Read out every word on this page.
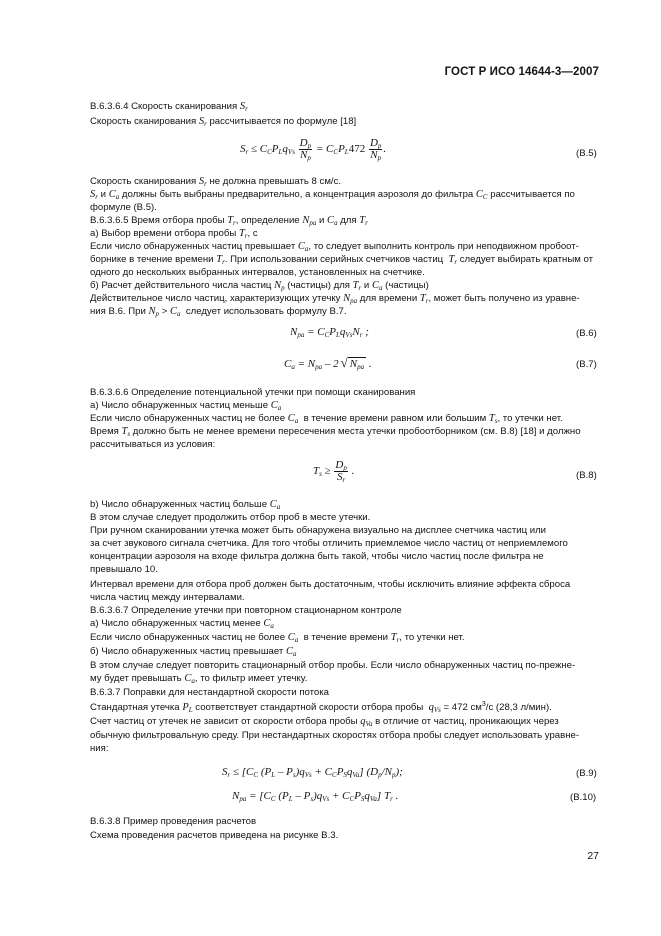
ГОСТ Р ИСО 14644-3—2007
В.6.3.6.4 Скорость сканирования $S_r$
Скорость сканирования $S_r$ рассчитывается по формуле [18]
$S_r \le C_CP_Lq_{Vs} \frac{D_p}{N_p} = C_CP_L472 \frac{D_p}{N_p}$ .	(В.5)
Скорость сканирования $S_r$ не должна превышать 8 см/с.
$S_r$ и $C_a$ должны быть выбраны предварительно, а концентрация аэрозоля до фильтра $C_C$ рассчитывается по
формуле (В.5).
В.6.3.6.5 Время отбора пробы $T_r$, определение $N_{pa}$ и $C_a$ для $T_r$
а) Выбор времени отбора пробы $T_r$, с
Если число обнаруженных частиц превышает $C_a$, то следует выполнить контроль при неподвижном пробоот-
борнике в течение времени $T_r$. При использовании серийных счетчиков частиц  $T_r$ следует выбирать кратным от
одного до нескольких выбранных интервалов, установленных на счетчике.
б) Расчет действительного числа частиц $N_p$ (частицы) для $T_r$ и $C_a$ (частицы)
Действительное число частиц, характеризующих утечку $N_{pa}$ для времени $T_r$, может быть получено из уравне-
ния В.6. При $N_p > C_a$  следует использовать формулу В.7.
$N_{pa} = C_CP_Lq_{Vs}N_r$ ;	(В.6)
$C_a = N_{pa} - 2$ √ $N_{pa}$ .	(В.7)
В.6.3.6.6 Определение потенциальной утечки при помощи сканирования
а) Число обнаруженных частиц меньше $C_a$
Если число обнаруженных частиц не более $C_a$  в течение времени равном или большим $T_s$, то утечки нет.
Время $T_s$ должно быть не менее времени пересечения места утечки пробоотборником (см. В.8) [18] и должно
рассчитываться из условия:
$T_s \ge \frac{D_p}{S_r}$ .	(В.8)
b) Число обнаруженных частиц больше $C_a$
В этом случае следует продолжить отбор проб в месте утечки.
При ручном сканировании утечка может быть обнаружена визуально на дисплее счетчика частиц или
за счет звукового сигнала счетчика. Для того чтобы отличить приемлемое число частиц от неприемлемого
концентрации аэрозоля на входе фильтра должна быть такой, чтобы число частиц после фильтра не
превышало 10.
Интервал времени для отбора проб должен быть достаточным, чтобы исключить влияние эффекта сброса
числа частиц между интервалами.
В.6.3.6.7 Определение утечки при повторном стационарном контроле
а) Число обнаруженных частиц менее $C_a$
Если число обнаруженных частиц не более $C_a$  в течение времени $T_r$, то утечки нет.
б) Число обнаруженных частиц превышает $C_a$
В этом случае следует повторить стационарный отбор пробы. Если число обнаруженных частиц по-прежне-
му будет превышать $C_a$, то фильтр имеет утечку.
В.6.3.7 Поправки для нестандартной скорости потока
Стандартная утечка $P_L$ соответствует стандартной скорости отбора пробы  $q_{Vs} = 472$ $см^3/с$ (28,3 л/мин).
Счет частиц от утечек не зависит от скорости отбора пробы $q_{Va}$ в отличие от частиц, проникающих через
обычную фильтровальную среду. При нестандартных скоростях отбора пробы следует использовать уравне-
ния:
$S_r \le [C_C$ $(P_L - P_s)q_{Vs} + C_CP_Sq_{Va}$] $(D_p/N_p)$;	(В.9)
$N_{pa} = [C_C$ $(P_L - P_s)q_{Vs} + C_CP_Sq_{Va}$] $T_r$ .	(В.10)
В.6.3.8 Пример проведения расчетов
Схема проведения расчетов приведена на рисунке В.3.
27
